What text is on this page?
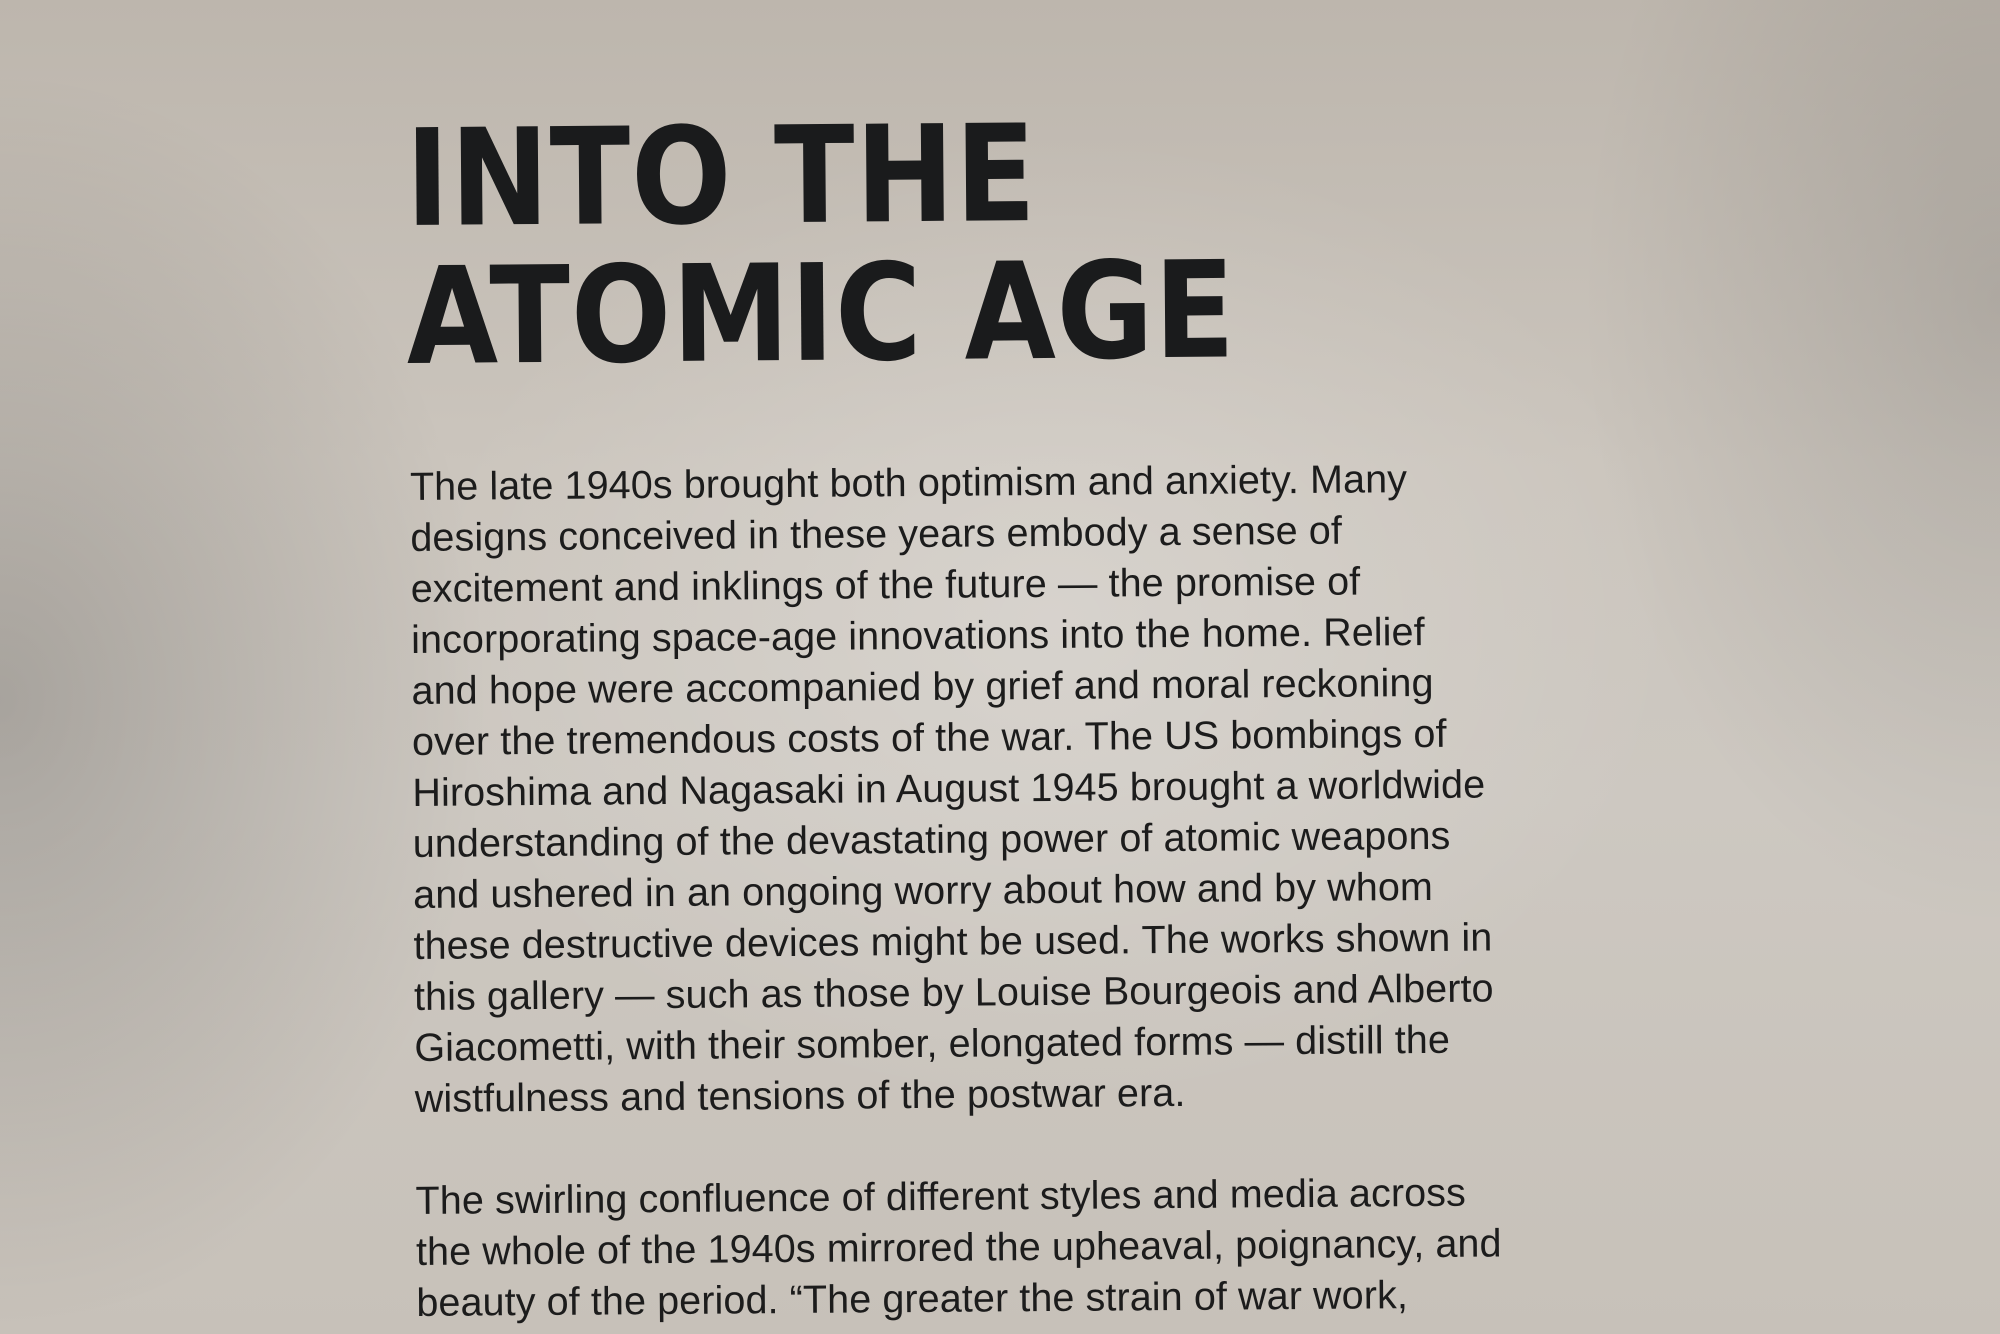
INTO THE
ATOMIC AGE

The late 1940s brought both optimism and anxiety. Many
designs conceived in these years embody a sense of
excitement and inklings of the future — the promise of
incorporating space-age innovations into the home. Relief
and hope were accompanied by grief and moral reckoning
over the tremendous costs of the war. The US bombings of
Hiroshima and Nagasaki in August 1945 brought a worldwide
understanding of the devastating power of atomic weapons
and ushered in an ongoing worry about how and by whom
these destructive devices might be used. The works shown in
this gallery — such as those by Louise Bourgeois and Alberto
Giacometti, with their somber, elongated forms — distill the
wistfulness and tensions of the postwar era.

The swirling confluence of different styles and media across
the whole of the 1940s mirrored the upheaval, poignancy, and
beauty of the period. “The greater the strain of war work,
